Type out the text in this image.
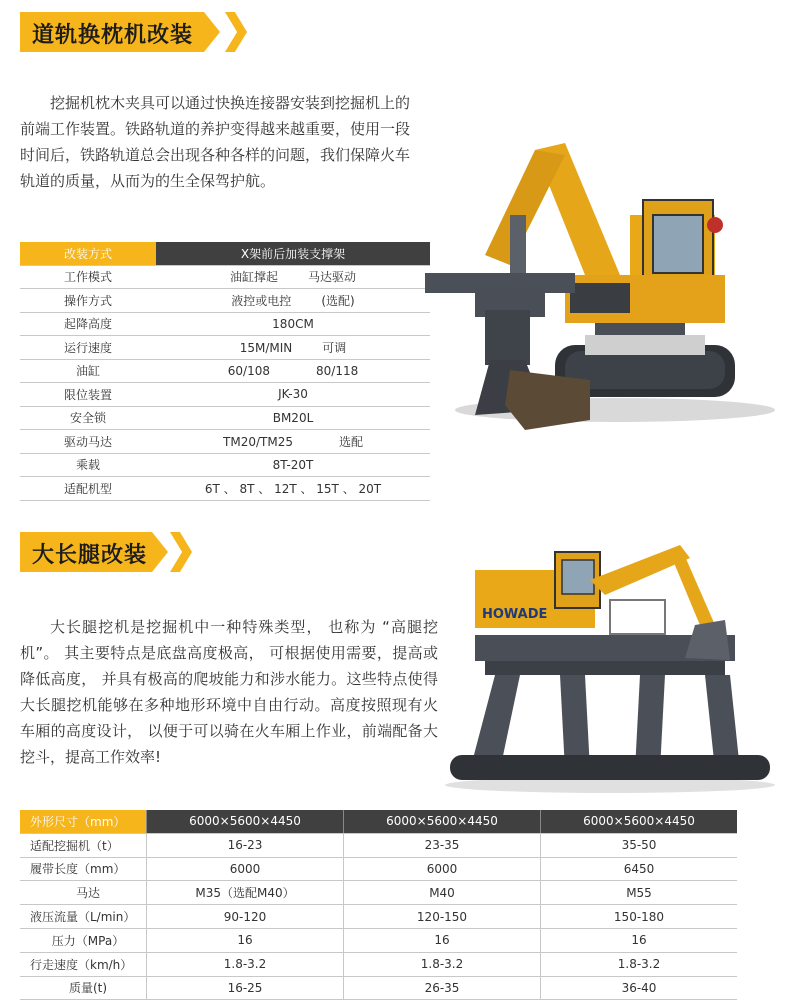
道轨换枕机改装

挖掘机枕木夹具可以通过快换连接器安装到挖掘机上的前端工作装置。铁路轨道的养护变得越来越重要，使用一段时间后，铁路轨道总会出现各种各样的问题，我们保障火车轨道的质量，从而为的生全保驾护航。

改装方式	X架前后加装支撑架
工作模式	油缸撑起 马达驱动
操作方式	液控或电控 (选配)
起降高度	180CM
运行速度	15M/MIN 可调
油缸	60/108 80/118
限位装置	JK-30
安全锁	BM20L
驱动马达	TM20/TM25 选配
乘载	8T-20T
适配机型	6T 、 8T 、 12T 、 15T 、 20T
大长腿改装
HOWADE

大长腿挖机是挖掘机中一种特殊类型， 也称为 “高腿挖机”。 其主要特点是底盘高度极高， 可根据使用需要，提高或降低高度， 并具有极高的爬坡能力和涉水能力。这些特点使得大长腿挖机能够在多种地形环境中自由行动。高度按照现有火车厢的高度设计， 以便于可以骑在火车厢上作业，前端配备大挖斗，提高工作效率!

外形尺寸（mm）	6000×5600×4450	6000×5600×4450	6000×5600×4450
适配挖掘机（t）	16-23	23-35	35-50
履带长度（mm）	6000	6000	6450
马达	M35（选配M40）	M40	M55
液压流量（L/min）	90-120	120-150	150-180
压力（MPa）	16	16	16
行走速度（km/h）	1.8-3.2	1.8-3.2	1.8-3.2
质量(t)	16-25	26-35	36-40
